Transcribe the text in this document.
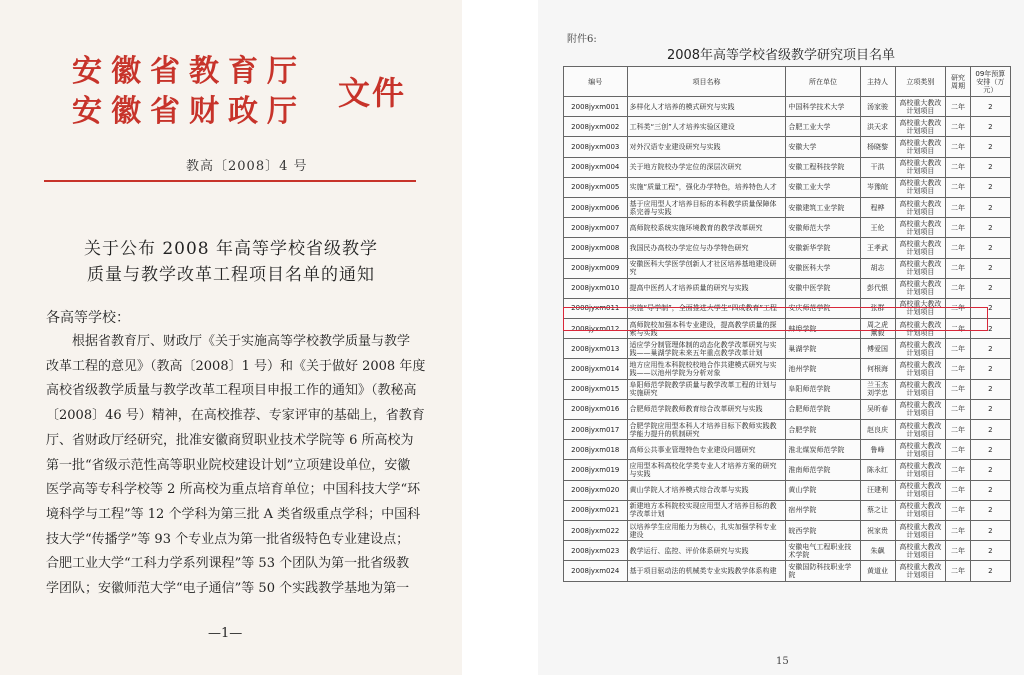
安徽省教育厅
安徽省财政厅 文件
教高〔2008〕4 号
关于公布 2008 年高等学校省级教学
质量与教学改革工程项目名单的通知
各高等学校：
　　根据省教育厅、财政厅《关于实施高等学校教学质量与教学
改革工程的意见》（教高〔2008〕1 号）和《关于做好 2008 年度
高校省级教学质量与教学改革工程项目申报工作的通知》（教秘高
〔2008〕46 号）精神，在高校推荐、专家评审的基础上，省教育
厅、省财政厅经研究，批准安徽商贸职业技术学院等 6 所高校为
第一批“省级示范性高等职业院校建设计划”立项建设单位，安徽
医学高等专科学校等 2 所高校为重点培育单位；中国科技大学“环
境科学与工程”等 12 个学科为第三批 A 类省级重点学科；中国科
技大学“传播学”等 93 个专业点为第一批省级特色专业建设点；
合肥工业大学“工科力学系列课程”等 53 个团队为第一批省级教
学团队；安徽师范大学“电子通信”等 50 个实践教学基地为第一
—1—
附件6:
2008年高等学校省级教学研究项目名单
编号	项目名称	所在单位	主持人	立项类别	研究周期	09年预算安排（万元）
2008jyxm001	多样化人才培养的模式研究与实践	中国科学技术大学	汤家骏	高校重大教改计划项目	二年	2
2008jyxm002	工科类“三创”人才培养实验区建设	合肥工业大学	洪天求	高校重大教改计划项目	二年	2
2008jyxm003	对外汉语专业建设研究与实践	安徽大学	杨晓黎	高校重大教改计划项目	二年	2
2008jyxm004	关于地方院校办学定位的深层次研究	安徽工程科技学院	干洪	高校重大教改计划项目	二年	2
2008jyxm005	实施“质量工程”，强化办学特色，培养特色人才	安徽工业大学	岑豫皖	高校重大教改计划项目	二年	2
2008jyxm006	基于应用型人才培养目标的本科教学质量保障体系完善与实践	安徽建筑工业学院	程桦	高校重大教改计划项目	二年	2
2008jyxm007	高师院校系统实施环境教育的教学改革研究	安徽师范大学	王伦	高校重大教改计划项目	二年	2
2008jyxm008	我国民办高校办学定位与办学特色研究	安徽新华学院	王孝武	高校重大教改计划项目	二年	2
2008jyxm009	安徽医科大学医学创新人才社区培养基地建设研究	安徽医科大学	胡志	高校重大教改计划项目	二年	2
2008jyxm010	提高中医药人才培养质量的研究与实践	安徽中医学院	彭代银	高校重大教改计划项目	二年	2
2008jyxm011	实施“导学制”，全面推进大学生“四成教育”工程	安庆师范学院	张群	高校重大教改计划项目	二年	2
2008jyxm012	高师院校加强本科专业建设，提高教学质量的探索与实践	蚌埠学院	周之虎 薰毅	高校重大教改计划项目	二年	2
2008jyxm013	适应学分制管理体制的动态化教学改革研究与实践——巢湖学院未来五年重点教学改革计划	巢湖学院	傅爱国	高校重大教改计划项目	二年	2
2008jyxm014	地方应用性本科院校校地合作共建模式研究与实践——以池州学院为分析对象	池州学院	何根海	高校重大教改计划项目	二年	2
2008jyxm015	阜阳师范学院教学质量与教学改革工程的计划与实施研究	阜阳师范学院	兰玉杰 刘学忠	高校重大教改计划项目	二年	2
2008jyxm016	合肥师范学院教师教育综合改革研究与实践	合肥师范学院	吴昕春	高校重大教改计划项目	二年	2
2008jyxm017	合肥学院应用型本科人才培养目标下教师实践教学能力提升的机制研究	合肥学院	赵良庆	高校重大教改计划项目	二年	2
2008jyxm018	高师公共事业管理特色专业建设问题研究	淮北煤炭师范学院	鲁峰	高校重大教改计划项目	二年	2
2008jyxm019	应用型本科高校化学类专业人才培养方案的研究与实践	淮南师范学院	陈永红	高校重大教改计划项目	二年	2
2008jyxm020	黄山学院人才培养模式综合改革与实践	黄山学院	汪建利	高校重大教改计划项目	二年	2
2008jyxm021	新建地方本科院校实现应用型人才培养目标的教学改革计划	宿州学院	蔡之让	高校重大教改计划项目	二年	2
2008jyxm022	以培养学生应用能力为核心，扎实加强学科专业建设	皖西学院	祝家贵	高校重大教改计划项目	二年	2
2008jyxm023	教学运行、监控、评价体系研究与实践	安徽电气工程职业技术学院	朱飙	高校重大教改计划项目	二年	2
2008jyxm024	基于项目驱动法的机械类专业实践教学体系构建	安徽国防科技职业学院	黄道业	高校重大教改计划项目	二年	2
15
